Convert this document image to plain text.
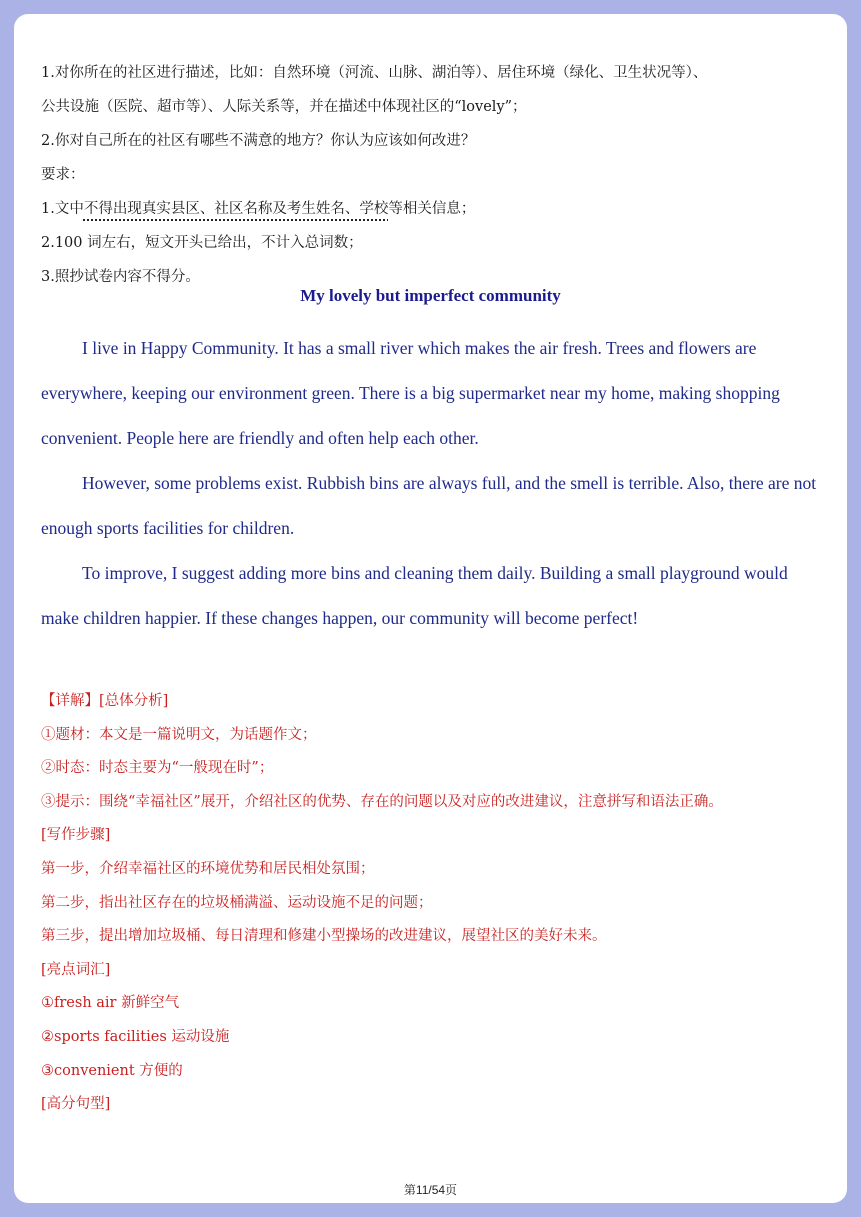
1.对你所在的社区进行描述，比如：自然环境（河流、山脉、湖泊等）、居住环境（绿化、卫生状况等）、
公共设施（医院、超市等）、人际关系等，并在描述中体现社区的“lovely”；
2.你对自己所在的社区有哪些不满意的地方？你认为应该如何改进？
要求：
1.文中不得出现真实县区、社区名称及考生姓名、学校等相关信息；
2.100 词左右，短文开头已给出，不计入总词数；
3.照抄试卷内容不得分。
My lovely but imperfect community

I live in Happy Community. It has a small river which makes the air fresh. Trees and flowers are everywhere, keeping our environment green. There is a big supermarket near my home, making shopping convenient. People here are friendly and often help each other.

However, some problems exist. Rubbish bins are always full, and the smell is terrible. Also, there are not enough sports facilities for children.

To improve, I suggest adding more bins and cleaning them daily. Building a small playground would make children happier. If these changes happen, our community will become perfect!

【详解】[总体分析]
①题材：本文是一篇说明文，为话题作文；
②时态：时态主要为“一般现在时”；
③提示：围绕“幸福社区”展开，介绍社区的优势、存在的问题以及对应的改进建议，注意拼写和语法正确。
[写作步骤]
第一步，介绍幸福社区的环境优势和居民相处氛围；
第二步，指出社区存在的垃圾桶满溢、运动设施不足的问题；
第三步，提出增加垃圾桶、每日清理和修建小型操场的改进建议，展望社区的美好未来。
[亮点词汇]
①fresh air 新鲜空气
②sports facilities 运动设施
③convenient 方便的
[高分句型]
第11/54页
